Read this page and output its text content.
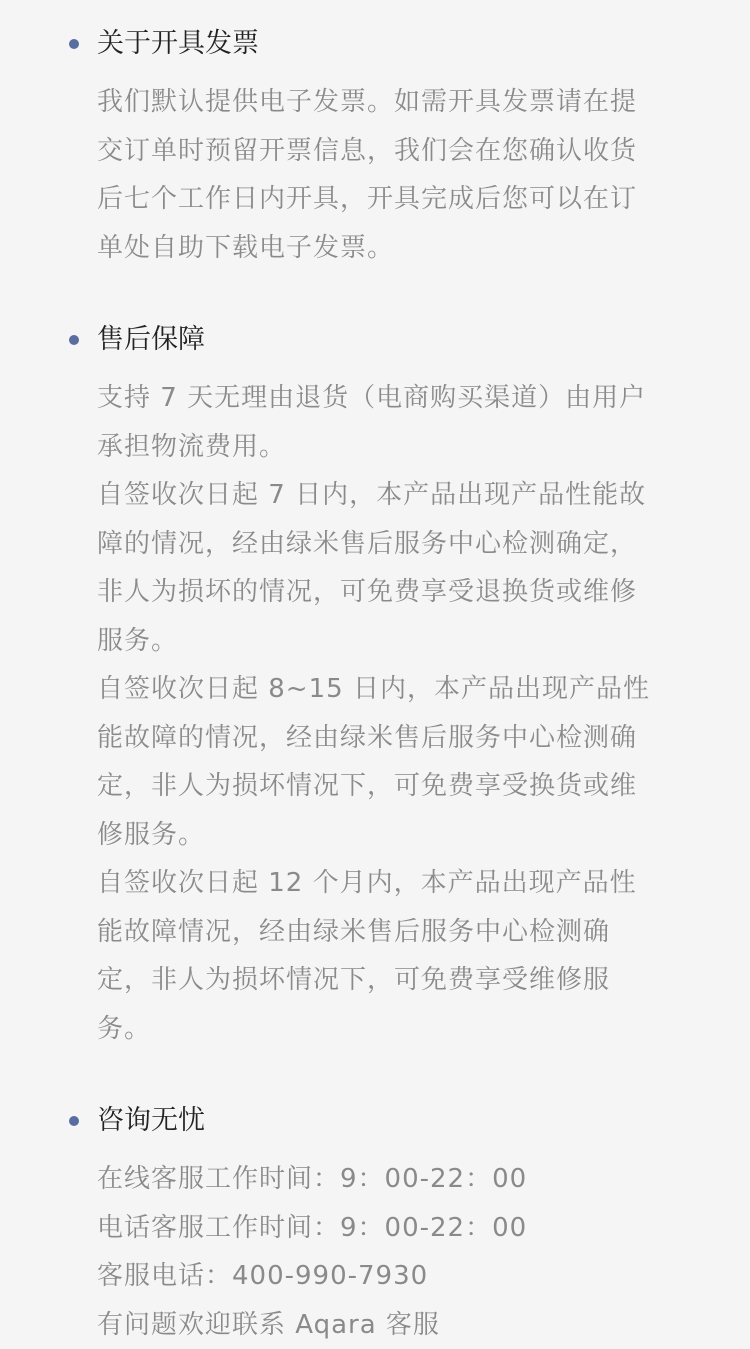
关于开具发票

我们默认提供电子发票。如需开具发票请在提交订单时预留开票信息，我们会在您确认收货后七个工作日内开具，开具完成后您可以在订单处自助下载电子发票。

售后保障

支持 7 天无理由退货（电商购买渠道）由用户承担物流费用。

自签收次日起 7 日内，本产品出现产品性能故障的情况，经由绿米售后服务中心检测确定，非人为损坏的情况，可免费享受退换货或维修服务。

自签收次日起 8~15 日内，本产品出现产品性能故障的情况，经由绿米售后服务中心检测确定，非人为损坏情况下，可免费享受换货或维修服务。

自签收次日起 12 个月内，本产品出现产品性能故障情况，经由绿米售后服务中心检测确定，非人为损坏情况下，可免费享受维修服务。

咨询无忧

在线客服工作时间：9：00-22：00

电话客服工作时间：9：00-22：00

客服电话：400-990-7930

有问题欢迎联系 Aqara 客服
